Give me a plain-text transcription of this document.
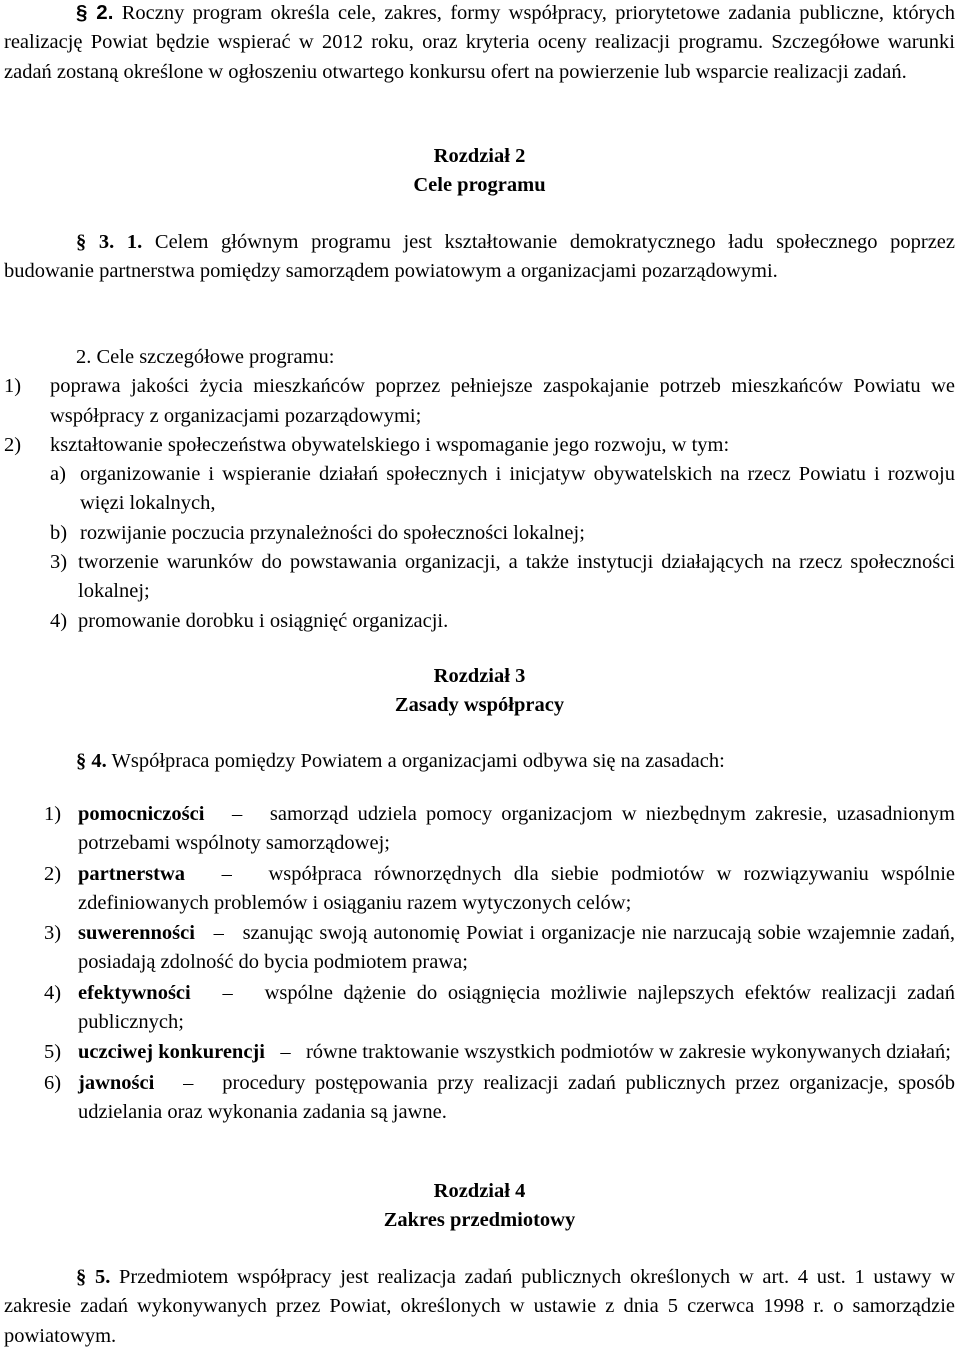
§ 2. Roczny program określa cele, zakres, formy współpracy, priorytetowe zadania publiczne, których realizację Powiat będzie wspierać w 2012 roku, oraz kryteria oceny realizacji programu. Szczegółowe warunki zadań zostaną określone w ogłoszeniu otwartego konkursu ofert na powierzenie lub wsparcie realizacji zadań.

Rozdział 2

Cele programu

§ 3. 1. Celem głównym programu jest kształtowanie demokratycznego ładu społecznego poprzez budowanie partnerstwa pomiędzy samorządem powiatowym a organizacjami pozarządowymi.

2. Cele szczegółowe programu:

1)	poprawa jakości życia mieszkańców poprzez pełniejsze zaspokajanie potrzeb mieszkańców Powiatu we współpracy z organizacjami pozarządowymi;
2)	kształtowanie społeczeństwa obywatelskiego i wspomaganie jego rozwoju, w tym:
a) organizowanie i wspieranie działań społecznych i inicjatyw obywatelskich na rzecz Powiatu i rozwoju więzi lokalnych,
b) rozwijanie poczucia przynależności do społeczności lokalnej;
3) tworzenie warunków do powstawania organizacji, a także instytucji działających na rzecz społeczności lokalnej;
4) promowanie dorobku i osiągnięć organizacji.

Rozdział 3

Zasady współpracy

§ 4. Współpraca pomiędzy Powiatem a organizacjami odbywa się na zasadach:

1) pomocniczości – samorząd udziela pomocy organizacjom w niezbędnym zakresie, uzasadnionym potrzebami wspólnoty samorządowej;
2) partnerstwa – współpraca równorzędnych dla siebie podmiotów w rozwiązywaniu wspólnie zdefiniowanych problemów i osiąganiu razem wytyczonych celów;
3) suwerenności – szanując swoją autonomię Powiat i organizacje nie narzucają sobie wzajemnie zadań, posiadają zdolność do bycia podmiotem prawa;
4) efektywności – wspólne dążenie do osiągnięcia możliwie najlepszych efektów realizacji zadań publicznych;
5) uczciwej konkurencji – równe traktowanie wszystkich podmiotów w zakresie wykonywanych działań;
6) jawności – procedury postępowania przy realizacji zadań publicznych przez organizacje, sposób udzielania oraz wykonania zadania są jawne.

Rozdział 4

Zakres przedmiotowy

§ 5. Przedmiotem współpracy jest realizacja zadań publicznych określonych w art. 4 ust. 1 ustawy w zakresie zadań wykonywanych przez Powiat, określonych w ustawie z dnia 5 czerwca 1998 r. o samorządzie powiatowym.
